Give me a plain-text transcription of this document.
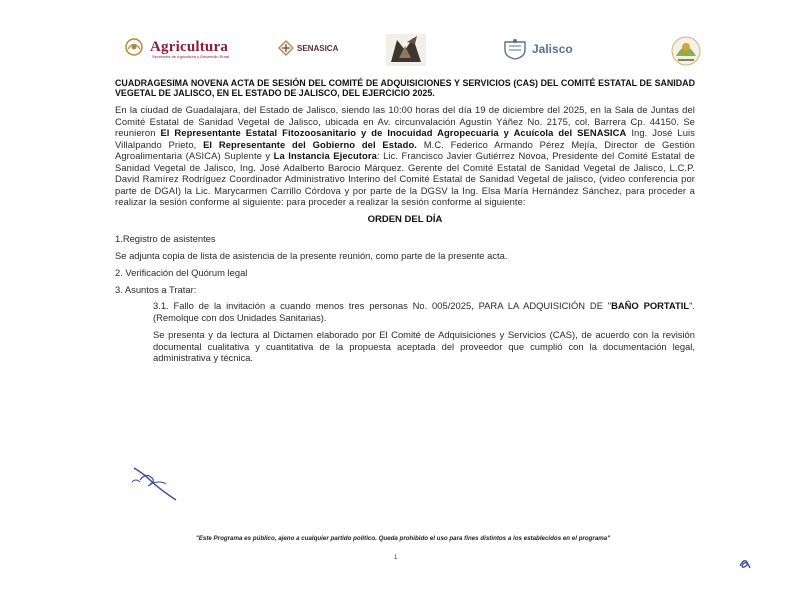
Agricultura
Secretaría de Agricultura y Desarrollo Rural
SENASICA	Jalisco

CUADRAGESIMA NOVENA ACTA DE SESIÓN DEL COMITÉ DE ADQUISICIONES Y SERVICIOS (CAS) DEL COMITÉ ESTATAL DE SANIDAD VEGETAL DE JALISCO, EN EL ESTADO DE JALISCO, DEL EJERCICIO 2025.

En la ciudad de Guadalajara, del Estado de Jalisco, siendo las 10:00 horas del día 19 de diciembre del 2025, en la Sala de Juntas del Comité Estatal de Sanidad Vegetal de Jalisco, ubicada en Av. circunvalación Agustín Yáñez No. 2175, col. Barrera Cp. 44150. Se reunieron El Representante Estatal Fitozoosanitario y de Inocuidad Agropecuaria y Acuícola del SENASICA Ing. José Luis Villalpando Prieto, El Representante del Gobierno del Estado. M.C. Federico Armando Pérez Mejía, Director de Gestión Agroalimentaria (ASICA) Suplente y La Instancia Ejecutora: Lic. Francisco Javier Gutiérrez Novoa, Presidente del Comité Estatal de Sanidad Vegetal de Jalisco, Ing. José Adalberto Barocio Márquez. Gerente del Comité Estatal de Sanidad Vegetal de Jalisco, L.C.P. David Ramírez Rodríguez Coordinador Administrativo Interino del Comité Estatal de Sanidad Vegetal de jalisco, (video conferencia por parte de DGAI) la Lic. Marycarmen Carrillo Córdova y por parte de la DGSV la Ing. Elsa María Hernández Sánchez, para proceder a realizar la sesión conforme al siguiente: para proceder a realizar la sesión conforme al siguiente:

ORDEN DEL DÍA
1.Registro de asistentes
Se adjunta copia de lista de asistencia de la presente reunión, como parte de la presente acta.
2. Verificación del Quórum legal
3. Asuntos a Tratar:
3.1. Fallo de la invitación a cuando menos tres personas No. 005/2025, PARA LA ADQUISICIÓN DE "BAÑO PORTATIL". (Remolque con dos Unidades Sanitarias).
Se presenta y da lectura al Dictamen elaborado por El Comité de Adquisiciones y Servicios (CAS), de acuerdo con la revisión documental cualitativa y cuantitativa de la propuesta aceptada del proveedor que cumplió con la documentación legal, administrativa y técnica.
"Este Programa es público, ajeno a cualquier partido político. Queda prohibido el uso para fines distintos a los establecidos en el programa"
1
